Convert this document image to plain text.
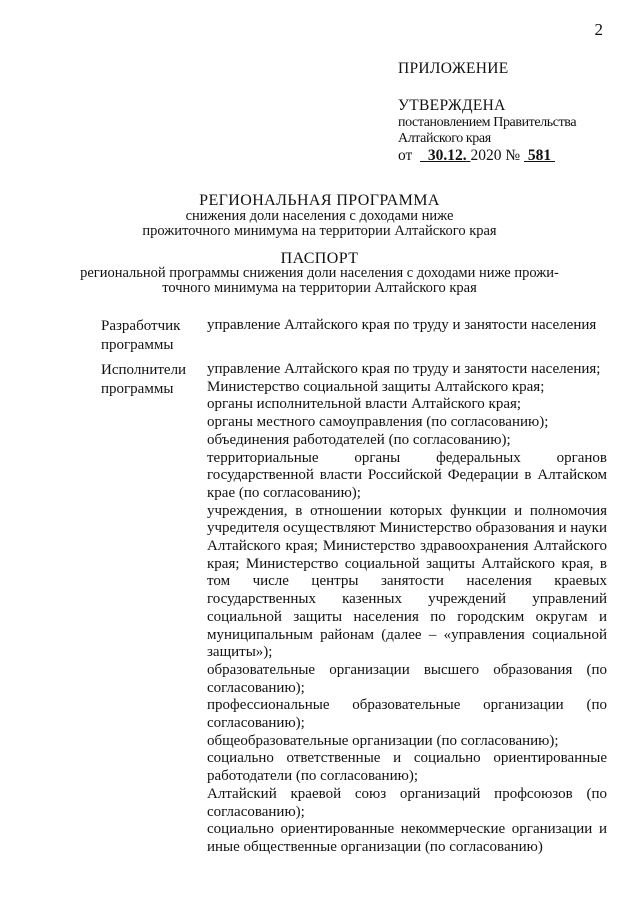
2
ПРИЛОЖЕНИЕ
УТВЕРЖДЕНА
постановлением Правительства
Алтайского края
от 30.12. 2020 № 581
РЕГИОНАЛЬНАЯ ПРОГРАММА
снижения доли населения с доходами ниже
прожиточного минимума на территории Алтайского края
ПАСПОРТ
региональной программы снижения доли населения с доходами ниже прожи-
точного минимума на территории Алтайского края
Разработчик
программы

управление Алтайского края по труду и занятости населения

Исполнители
программы

управление Алтайского края по труду и занятости населения;

Министерство социальной защиты Алтайского края;

органы исполнительной власти Алтайского края;

органы местного самоуправления (по согласованию);

объединения работодателей (по согласованию);

территориальные органы федеральных органов государственной власти Российской Федерации в Алтайском крае (по согласованию);

учреждения, в отношении которых функции и полномочия учредителя осуществляют Министерство образования и науки Алтайского края; Министерство здравоохранения Алтайского края; Министерство социальной защиты Алтайского края, в том числе центры занятости населения краевых государственных казенных учреждений управлений социальной защиты населения по городским округам и муниципальным районам (далее – «управления социальной защиты»);

образовательные организации высшего образования (по согласованию);

профессиональные образовательные организации (по согласованию);

общеобразовательные организации (по согласованию);

социально ответственные и социально ориентированные работодатели (по согласованию);

Алтайский краевой союз организаций профсоюзов (по согласованию);

социально ориентированные некоммерческие организации и иные общественные организации (по согласованию)
